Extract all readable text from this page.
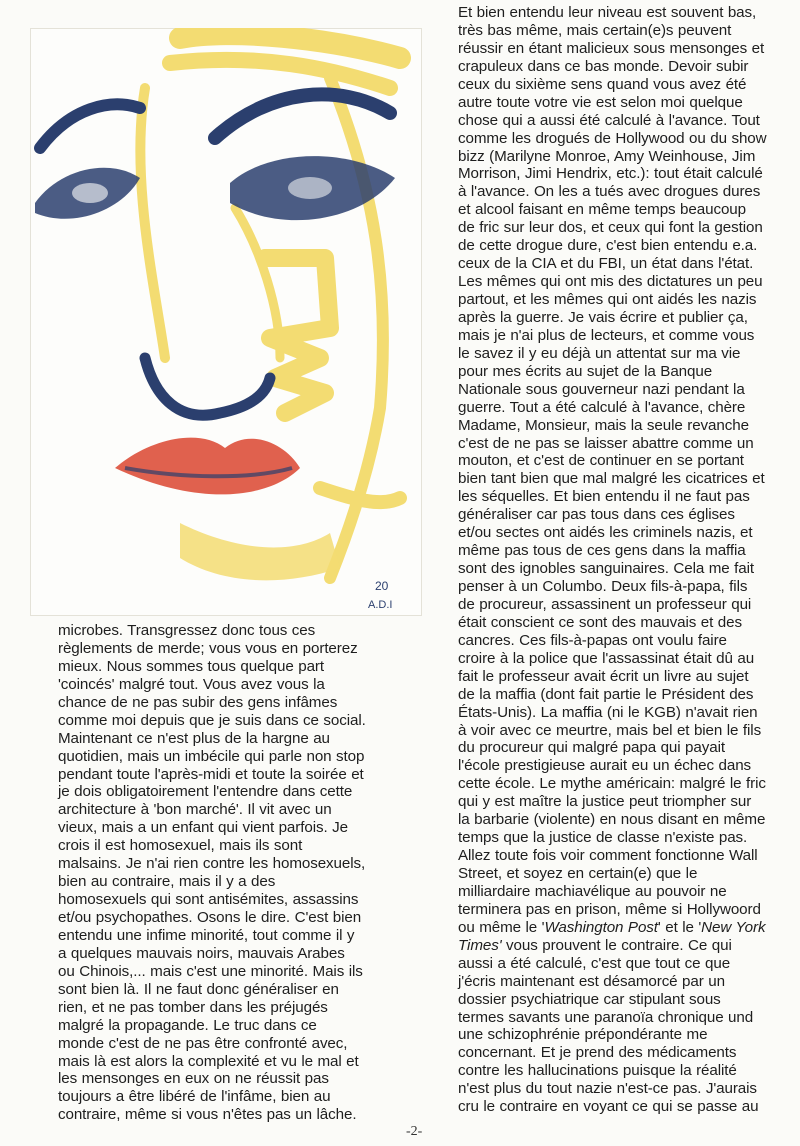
20
A.D.I
Et bien entendu leur niveau est souvent bas,
très bas même, mais certain(e)s peuvent
réussir en étant malicieux sous mensonges et
crapuleux dans ce bas monde. Devoir subir
ceux du sixième sens quand vous avez été
autre toute votre vie est selon moi quelque
chose qui a aussi été calculé à l'avance. Tout
comme les drogués de Hollywood ou du show
bizz (Marilyne Monroe, Amy Weinhouse, Jim
Morrison, Jimi Hendrix, etc.): tout était calculé
à l'avance. On les a tués avec drogues dures
et alcool faisant en même temps beaucoup
de fric sur leur dos, et ceux qui font la gestion
de cette drogue dure, c'est bien entendu e.a.
ceux de la CIA et du FBI, un état dans l'état.
Les mêmes qui ont mis des dictatures un peu
partout, et les mêmes qui ont aidés les nazis
après la guerre. Je vais écrire et publier ça,
mais je n'ai plus de lecteurs, et comme vous
le savez il y eu déjà un attentat sur ma vie
pour mes écrits au sujet de la Banque
Nationale sous gouverneur nazi pendant la
guerre. Tout a été calculé à l'avance, chère
Madame, Monsieur, mais la seule revanche
c'est de ne pas se laisser abattre comme un
mouton, et c'est de continuer en se portant
bien tant bien que mal malgré les cicatrices et
les séquelles. Et bien entendu il ne faut pas
généraliser car pas tous dans ces églises
et/ou sectes ont aidés les criminels nazis, et
même pas tous de ces gens dans la maffia
sont des ignobles sanguinaires. Cela me fait
penser à un Columbo. Deux fils-à-papa, fils
de procureur, assassinent un professeur qui
était conscient ce sont des mauvais et des
cancres. Ces fils-à-papas ont voulu faire
croire à la police que l'assassinat était dû au
fait le professeur avait écrit un livre au sujet
de la maffia (dont fait partie le Président des
États-Unis). La maffia (ni le KGB) n'avait rien
à voir avec ce meurtre, mais bel et bien le fils
du procureur qui malgré papa qui payait
l'école prestigieuse aurait eu un échec dans
cette école. Le mythe américain: malgré le fric
qui y est maître la justice peut triompher sur
la barbarie (violente) en nous disant en même
temps que la justice de classe n'existe pas.
Allez toute fois voir comment fonctionne Wall
Street, et soyez en certain(e) que le
milliardaire machiavélique au pouvoir ne
terminera pas en prison, même si Hollywoord
ou même le 'Washington Post' et le 'New York
Times' vous prouvent le contraire. Ce qui
aussi a été calculé, c'est que tout ce que
j'écris maintenant est désamorcé par un
dossier psychiatrique car stipulant sous
termes savants une paranoïa chronique und
une schizophrénie prépondérante me
concernant. Et je prend des médicaments
contre les hallucinations puisque la réalité
n'est plus du tout nazie n'est-ce pas. J'aurais
cru le contraire en voyant ce qui se passe au
microbes. Transgressez donc tous ces
règlements de merde; vous vous en porterez
mieux. Nous sommes tous quelque part
'coincés' malgré tout. Vous avez vous la
chance de ne pas subir des gens infâmes
comme moi depuis que je suis dans ce social.
Maintenant ce n'est plus de la hargne au
quotidien, mais un imbécile qui parle non stop
pendant toute l'après-midi et toute la soirée et
je dois obligatoirement l'entendre dans cette
architecture à 'bon marché'. Il vit avec un
vieux, mais a un enfant qui vient parfois. Je
crois il est homosexuel, mais ils sont
malsains. Je n'ai rien contre les homosexuels,
bien au contraire, mais il y a des
homosexuels qui sont antisémites, assassins
et/ou psychopathes. Osons le dire. C'est bien
entendu une infime minorité, tout comme il y
a quelques mauvais noirs, mauvais Arabes
ou Chinois,... mais c'est une minorité. Mais ils
sont bien là. Il ne faut donc généraliser en
rien, et ne pas tomber dans les préjugés
malgré la propagande. Le truc dans ce
monde c'est de ne pas être confronté avec,
mais là est alors la complexité et vu le mal et
les mensonges en eux on ne réussit pas
toujours a être libéré de l'infâme, bien au
contraire, même si vous n'êtes pas un lâche.
-2-
